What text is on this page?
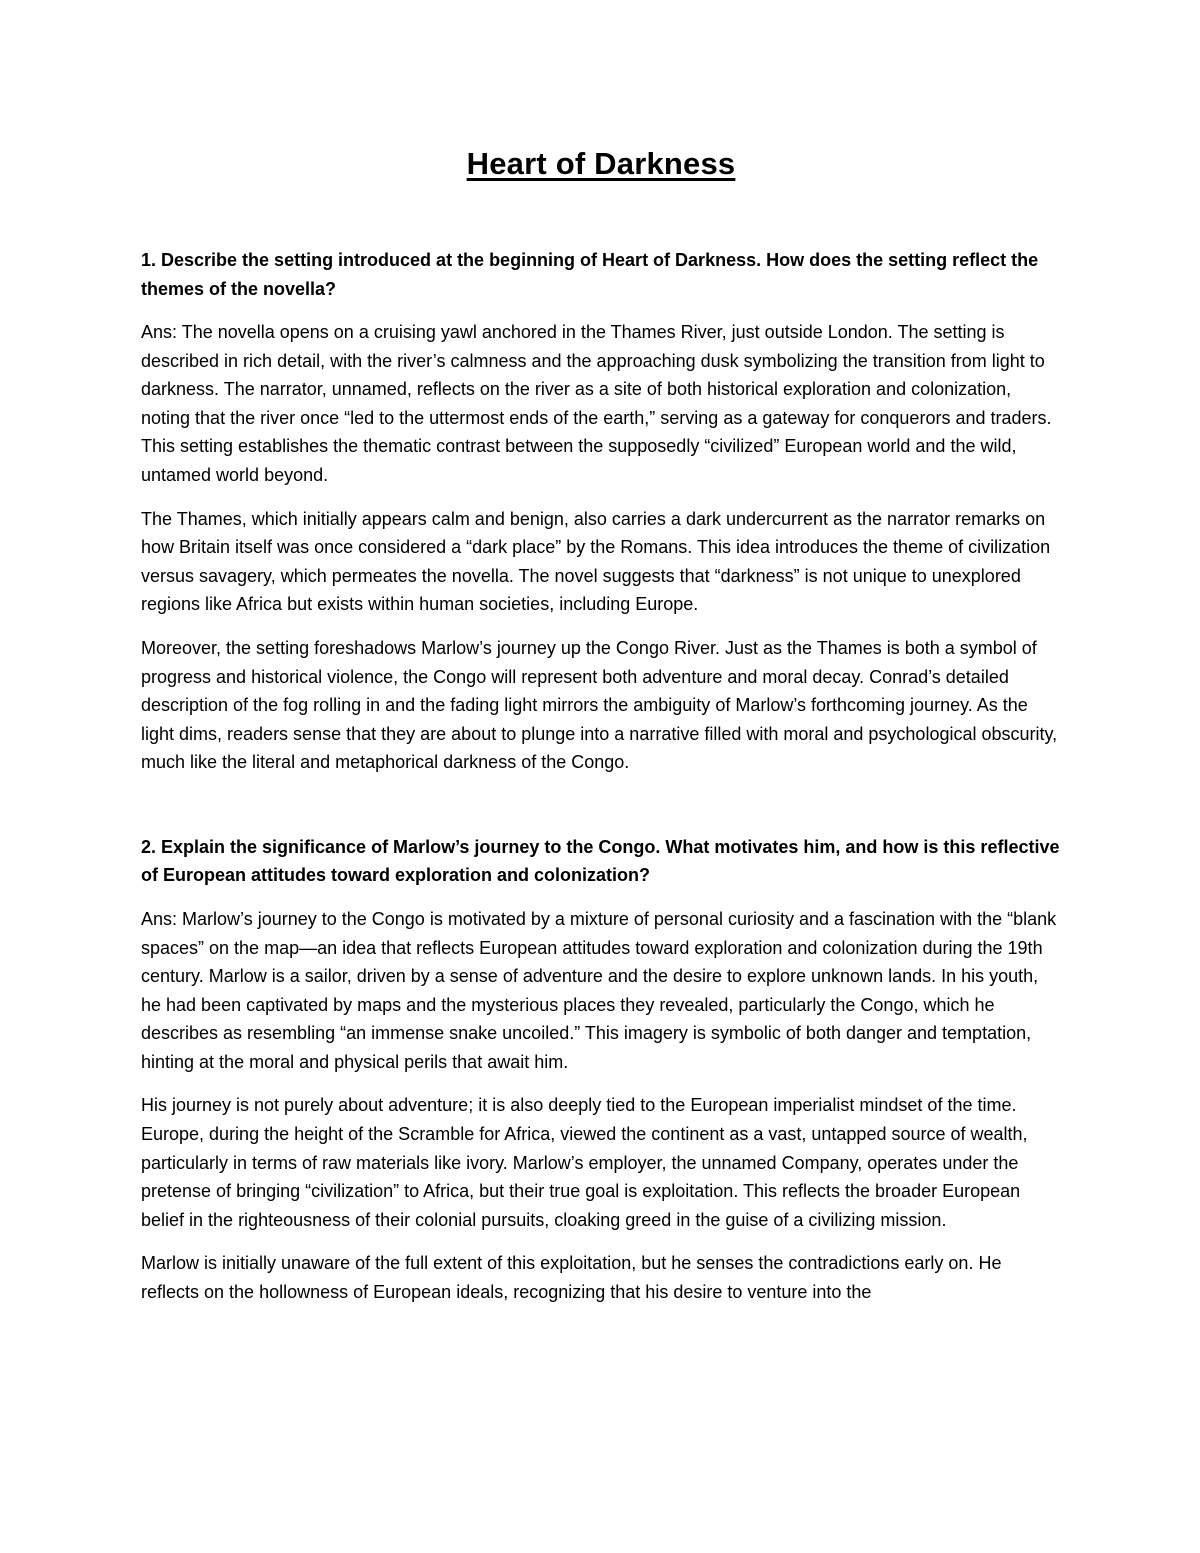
Heart of Darkness

1. Describe the setting introduced at the beginning of Heart of Darkness. How does the setting reflect the themes of the novella?

Ans: The novella opens on a cruising yawl anchored in the Thames River, just outside London. The setting is described in rich detail, with the river’s calmness and the approaching dusk symbolizing the transition from light to darkness. The narrator, unnamed, reflects on the river as a site of both historical exploration and colonization, noting that the river once “led to the uttermost ends of the earth,” serving as a gateway for conquerors and traders. This setting establishes the thematic contrast between the supposedly “civilized” European world and the wild, untamed world beyond.

The Thames, which initially appears calm and benign, also carries a dark undercurrent as the narrator remarks on how Britain itself was once considered a “dark place” by the Romans. This idea introduces the theme of civilization versus savagery, which permeates the novella. The novel suggests that “darkness” is not unique to unexplored regions like Africa but exists within human societies, including Europe.

Moreover, the setting foreshadows Marlow’s journey up the Congo River. Just as the Thames is both a symbol of progress and historical violence, the Congo will represent both adventure and moral decay. Conrad’s detailed description of the fog rolling in and the fading light mirrors the ambiguity of Marlow’s forthcoming journey. As the light dims, readers sense that they are about to plunge into a narrative filled with moral and psychological obscurity, much like the literal and metaphorical darkness of the Congo.

2. Explain the significance of Marlow’s journey to the Congo. What motivates him, and how is this reflective of European attitudes toward exploration and colonization?

Ans: Marlow’s journey to the Congo is motivated by a mixture of personal curiosity and a fascination with the “blank spaces” on the map—an idea that reflects European attitudes toward exploration and colonization during the 19th century. Marlow is a sailor, driven by a sense of adventure and the desire to explore unknown lands. In his youth, he had been captivated by maps and the mysterious places they revealed, particularly the Congo, which he describes as resembling “an immense snake uncoiled.” This imagery is symbolic of both danger and temptation, hinting at the moral and physical perils that await him.

His journey is not purely about adventure; it is also deeply tied to the European imperialist mindset of the time. Europe, during the height of the Scramble for Africa, viewed the continent as a vast, untapped source of wealth, particularly in terms of raw materials like ivory. Marlow’s employer, the unnamed Company, operates under the pretense of bringing “civilization” to Africa, but their true goal is exploitation. This reflects the broader European belief in the righteousness of their colonial pursuits, cloaking greed in the guise of a civilizing mission.

Marlow is initially unaware of the full extent of this exploitation, but he senses the contradictions early on. He reflects on the hollowness of European ideals, recognizing that his desire to venture into the
